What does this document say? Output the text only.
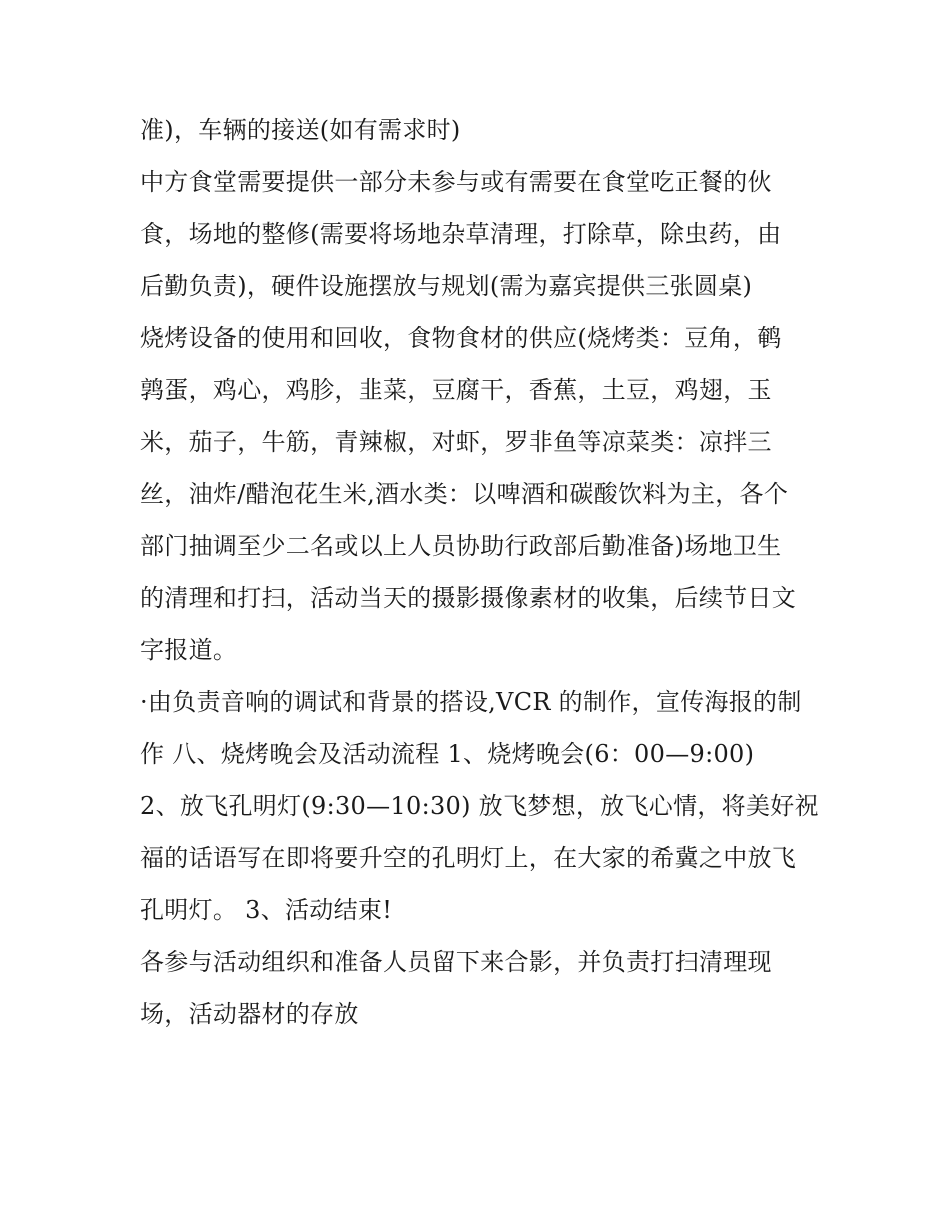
准)，车辆的接送(如有需求时)
中方食堂需要提供一部分未参与或有需要在食堂吃正餐的伙
食，场地的整修(需要将场地杂草清理，打除草，除虫药，由
后勤负责)，硬件设施摆放与规划(需为嘉宾提供三张圆桌)
烧烤设备的使用和回收，食物食材的供应(烧烤类：豆角，鹌
鹑蛋，鸡心，鸡胗，韭菜，豆腐干，香蕉，土豆，鸡翅，玉
米，茄子，牛筋，青辣椒，对虾，罗非鱼等凉菜类：凉拌三
丝，油炸/醋泡花生米,酒水类：以啤酒和碳酸饮料为主，各个
部门抽调至少二名或以上人员协助行政部后勤准备)场地卫生
的清理和打扫，活动当天的摄影摄像素材的收集，后续节日文
字报道。
·由负责音响的调试和背景的搭设,VCR 的制作，宣传海报的制
作 八、烧烤晚会及活动流程 1、烧烤晚会(6：00—9:00)
2、放飞孔明灯(9:30—10:30) 放飞梦想，放飞心情，将美好祝
福的话语写在即将要升空的孔明灯上，在大家的希冀之中放飞
孔明灯。 3、活动结束!
各参与活动组织和准备人员留下来合影，并负责打扫清理现
场，活动器材的存放
